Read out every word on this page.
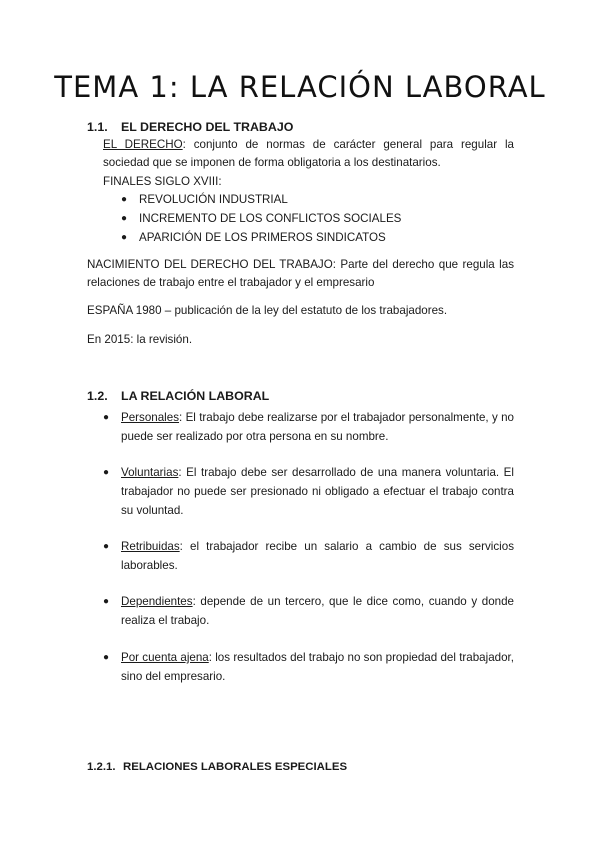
TEMA 1: LA RELACIÓN LABORAL
1.1. EL DERECHO DEL TRABAJO

EL DERECHO: conjunto de normas de carácter general para regular la sociedad que se imponen de forma obligatoria a los destinatarios.

FINALES SIGLO XVIII:

● REVOLUCIÓN INDUSTRIAL
● INCREMENTO DE LOS CONFLICTOS SOCIALES
● APARICIÓN DE LOS PRIMEROS SINDICATOS

NACIMIENTO DEL DERECHO DEL TRABAJO: Parte del derecho que regula las relaciones de trabajo entre el trabajador y el empresario

ESPAÑA 1980 – publicación de la ley del estatuto de los trabajadores.

En 2015: la revisión.

1.2. LA RELACIÓN LABORAL
●	Personales: El trabajo debe realizarse por el trabajador personalmente, y no puede ser realizado por otra persona en su nombre.
●	Voluntarias: El trabajo debe ser desarrollado de una manera voluntaria. El trabajador no puede ser presionado ni obligado a efectuar el trabajo contra su voluntad.
●	Retribuidas: el trabajador recibe un salario a cambio de sus servicios laborables.
●	Dependientes: depende de un tercero, que le dice como, cuando y donde realiza el trabajo.
●	Por cuenta ajena: los resultados del trabajo no son propiedad del trabajador, sino del empresario.
1.2.1. RELACIONES LABORALES ESPECIALES
